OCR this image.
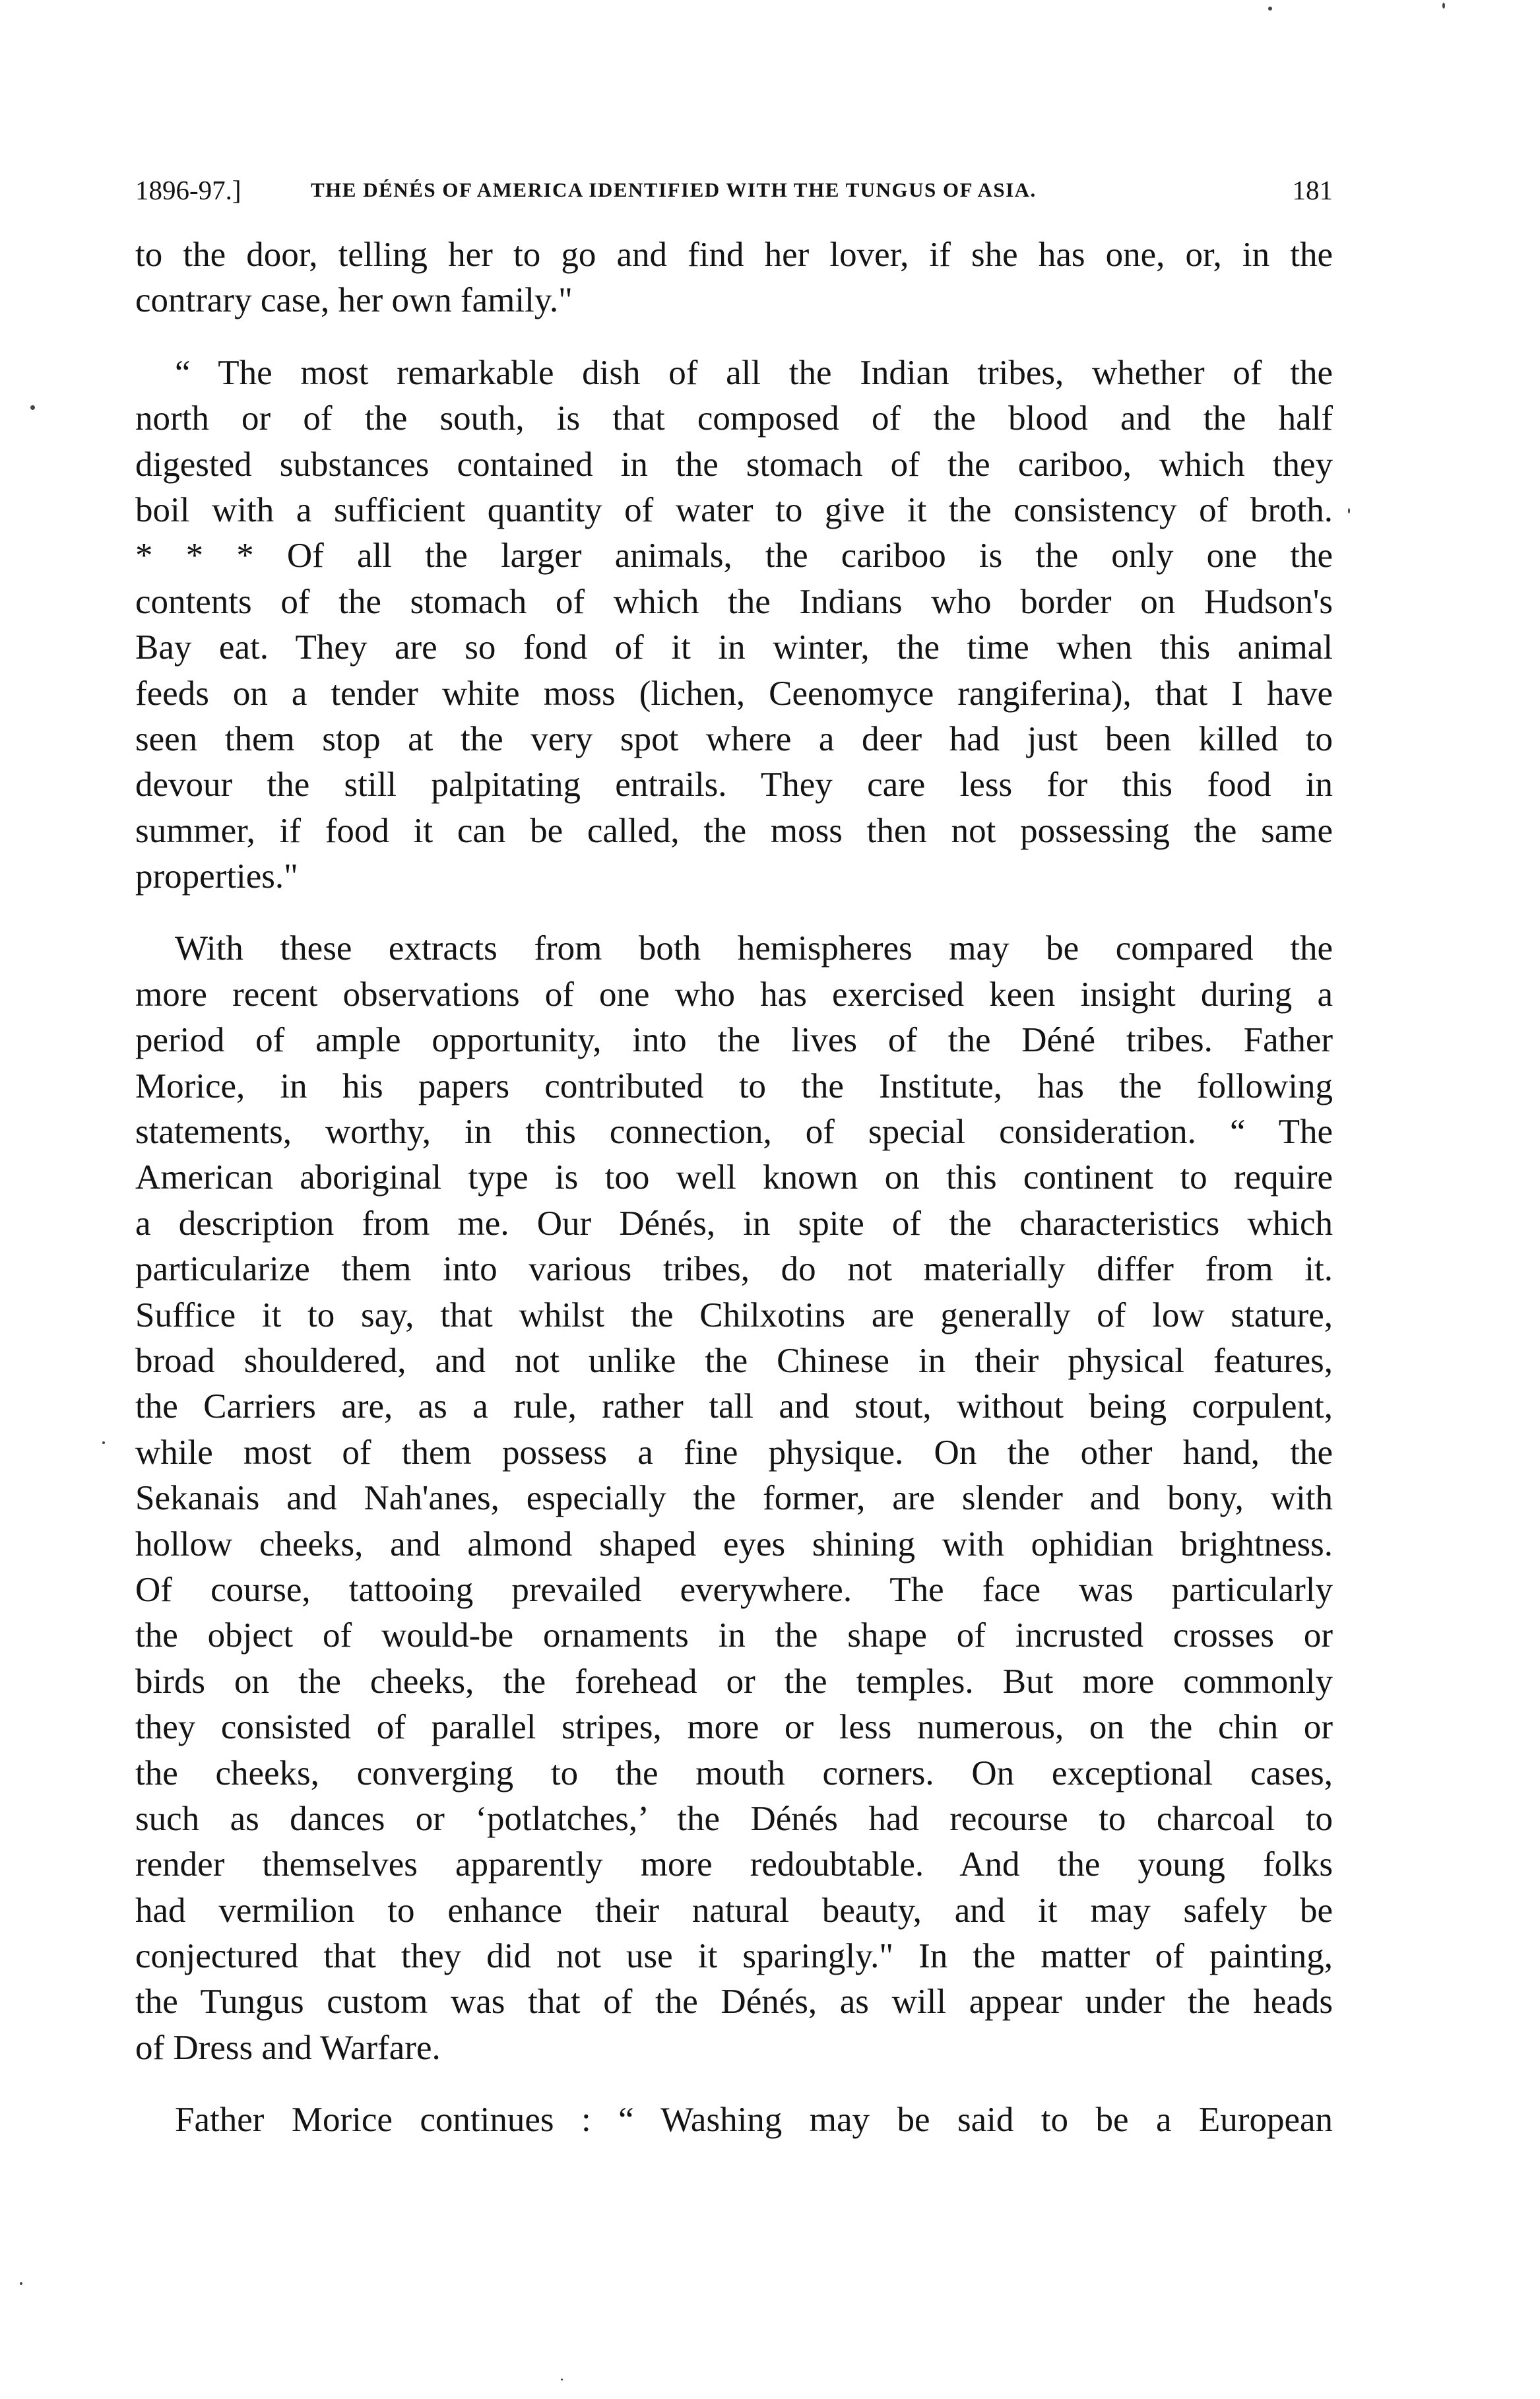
1896-97.]	THE DÉNÉS OF AMERICA IDENTIFIED WITH THE TUNGUS OF ASIA.	181
to the door, telling her to go and find her lover, if she has one, or, in the
contrary case, her own family."
“ The most remarkable dish of all the Indian tribes, whether of the
north or of the south, is that composed of the blood and the half
digested substances contained in the stomach of the cariboo, which they
boil with a sufficient quantity of water to give it the consistency of broth.
* * * Of all the larger animals, the cariboo is the only one the
contents of the stomach of which the Indians who border on Hudson's
Bay eat. They are so fond of it in winter, the time when this animal
feeds on a tender white moss (lichen, Ceenomyce rangiferina), that I have
seen them stop at the very spot where a deer had just been killed to
devour the still palpitating entrails. They care less for this food in
summer, if food it can be called, the moss then not possessing the same
properties."
With these extracts from both hemispheres may be compared the
more recent observations of one who has exercised keen insight during a
period of ample opportunity, into the lives of the Déné tribes. Father
Morice, in his papers contributed to the Institute, has the following
statements, worthy, in this connection, of special consideration. “ The
American aboriginal type is too well known on this continent to require
a description from me. Our Dénés, in spite of the characteristics which
particularize them into various tribes, do not materially differ from it.
Suffice it to say, that whilst the Chilxotins are generally of low stature,
broad shouldered, and not unlike the Chinese in their physical features,
the Carriers are, as a rule, rather tall and stout, without being corpulent,
while most of them possess a fine physique. On the other hand, the
Sekanais and Nah'anes, especially the former, are slender and bony, with
hollow cheeks, and almond shaped eyes shining with ophidian brightness.
Of course, tattooing prevailed everywhere. The face was particularly
the object of would-be ornaments in the shape of incrusted crosses or
birds on the cheeks, the forehead or the temples. But more commonly
they consisted of parallel stripes, more or less numerous, on the chin or
the cheeks, converging to the mouth corners. On exceptional cases,
such as dances or ‘potlatches,’ the Dénés had recourse to charcoal to
render themselves apparently more redoubtable. And the young folks
had vermilion to enhance their natural beauty, and it may safely be
conjectured that they did not use it sparingly." In the matter of painting,
the Tungus custom was that of the Dénés, as will appear under the heads
of Dress and Warfare.
Father Morice continues : “ Washing may be said to be a European
